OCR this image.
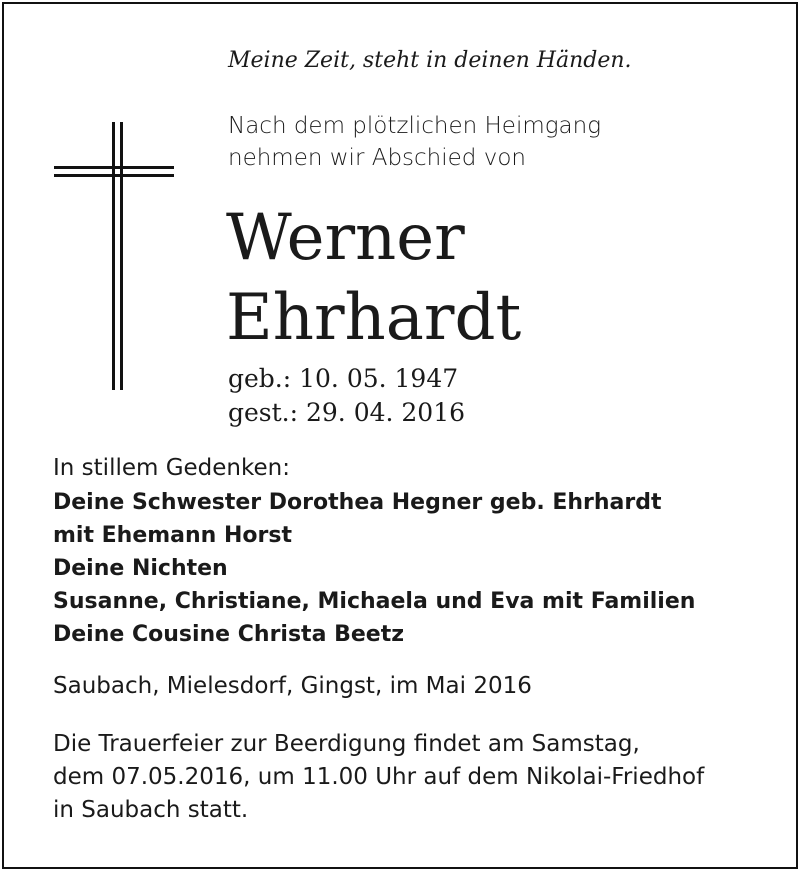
Meine Zeit, steht in deinen Händen.
Nach dem plötzlichen Heimgang
nehmen wir Abschied von
Werner
Ehrhardt
geb.: 10. 05. 1947
gest.: 29. 04. 2016
In stillem Gedenken:
Deine Schwester Dorothea Hegner geb. Ehrhardt
mit Ehemann Horst
Deine Nichten
Susanne, Christiane, Michaela und Eva mit Familien
Deine Cousine Christa Beetz
Saubach, Mielesdorf, Gingst, im Mai 2016
Die Trauerfeier zur Beerdigung findet am Samstag,
dem 07.05.2016, um 11.00 Uhr auf dem Nikolai-Friedhof
in Saubach statt.
